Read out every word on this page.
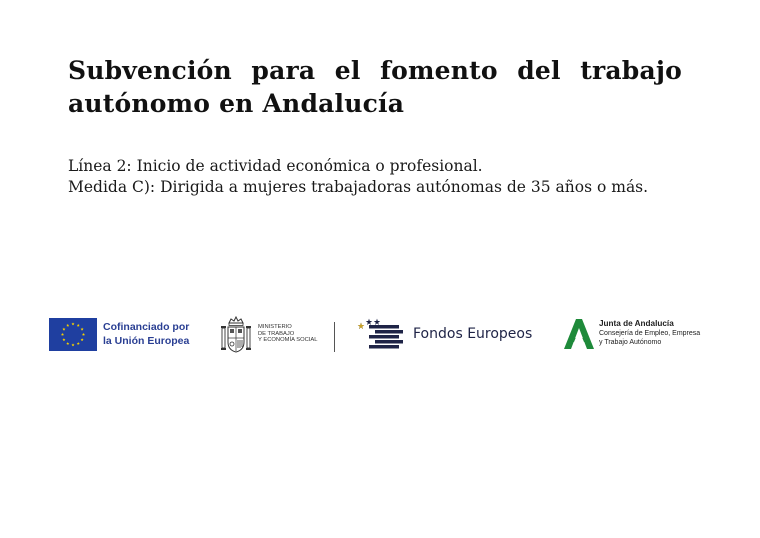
Subvención para el fomento del trabajo autónomo en Andalucía

Línea 2: Inicio de actividad económica o profesional.

Medida C): Dirigida a mujeres trabajadoras autónomas de 35 años o más.

Cofinanciado por
la Unión Europea
MINISTERIO
DE TRABAJO
Y ECONOMÍA SOCIAL	Fondos Europeos
Junta de Andalucía
Consejería de Empleo, Empresa
y Trabajo Autónomo
